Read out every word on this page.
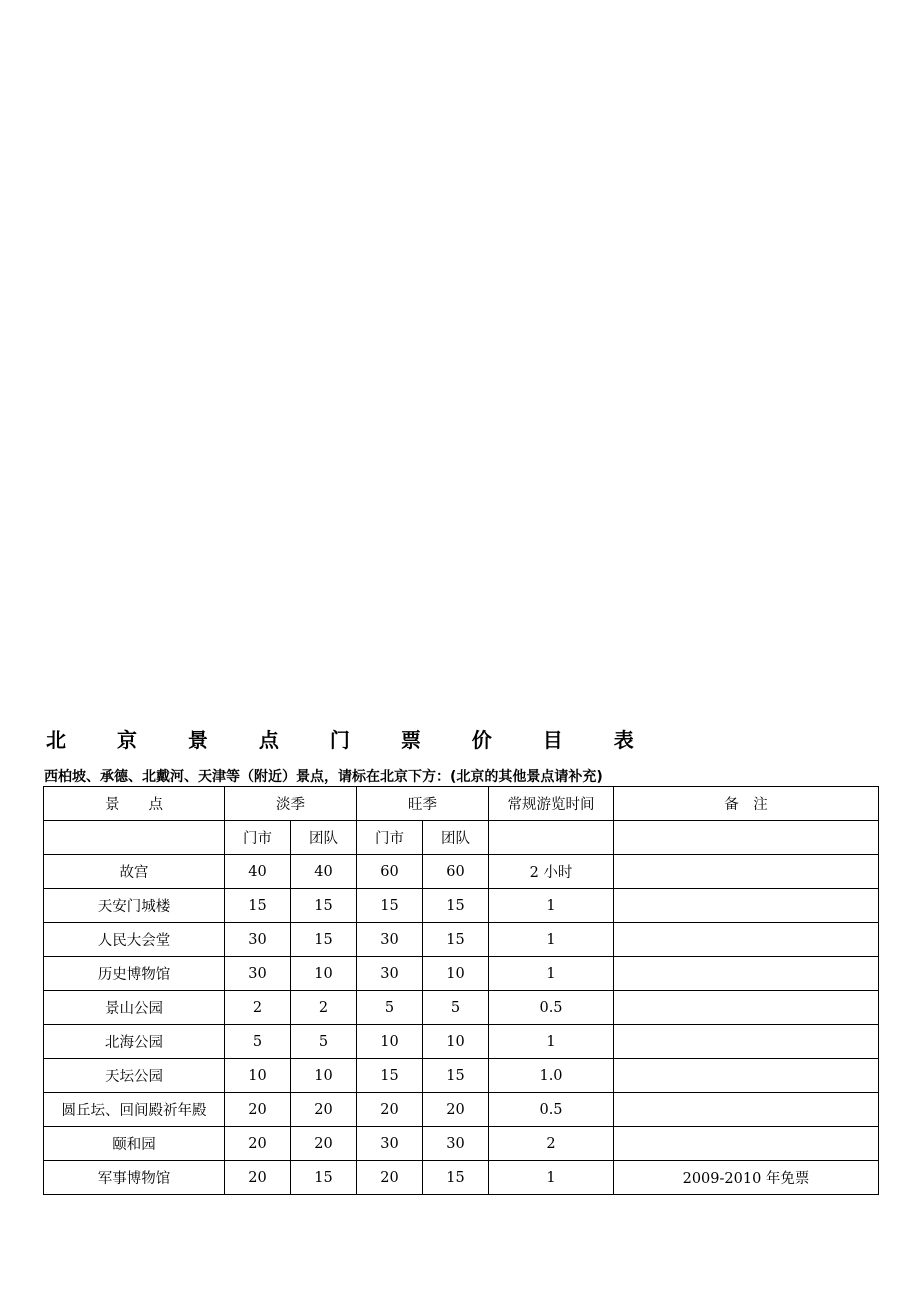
北 京 景 点 门 票 价 目 表
西柏坡、承德、北戴河、天津等（附近）景点，请标在北京下方：(北京的其他景点请补充)
景　　点	淡季		旺季		常规游览时间	备　注
	门市	团队	门市	团队		
故宫	40	40	60	60	2 小时	
天安门城楼	15	15	15	15	1	
人民大会堂	30	15	30	15	1	
历史博物馆	30	10	30	10	1	
景山公园	2	2	5	5	0.5	
北海公园	5	5	10	10	1	
天坛公园	10	10	15	15	1.0	
圆丘坛、回间殿祈年殿	20	20	20	20	0.5	
颐和园	20	20	30	30	2	
军事博物馆	20	15	20	15	1	2009-2010 年免票
